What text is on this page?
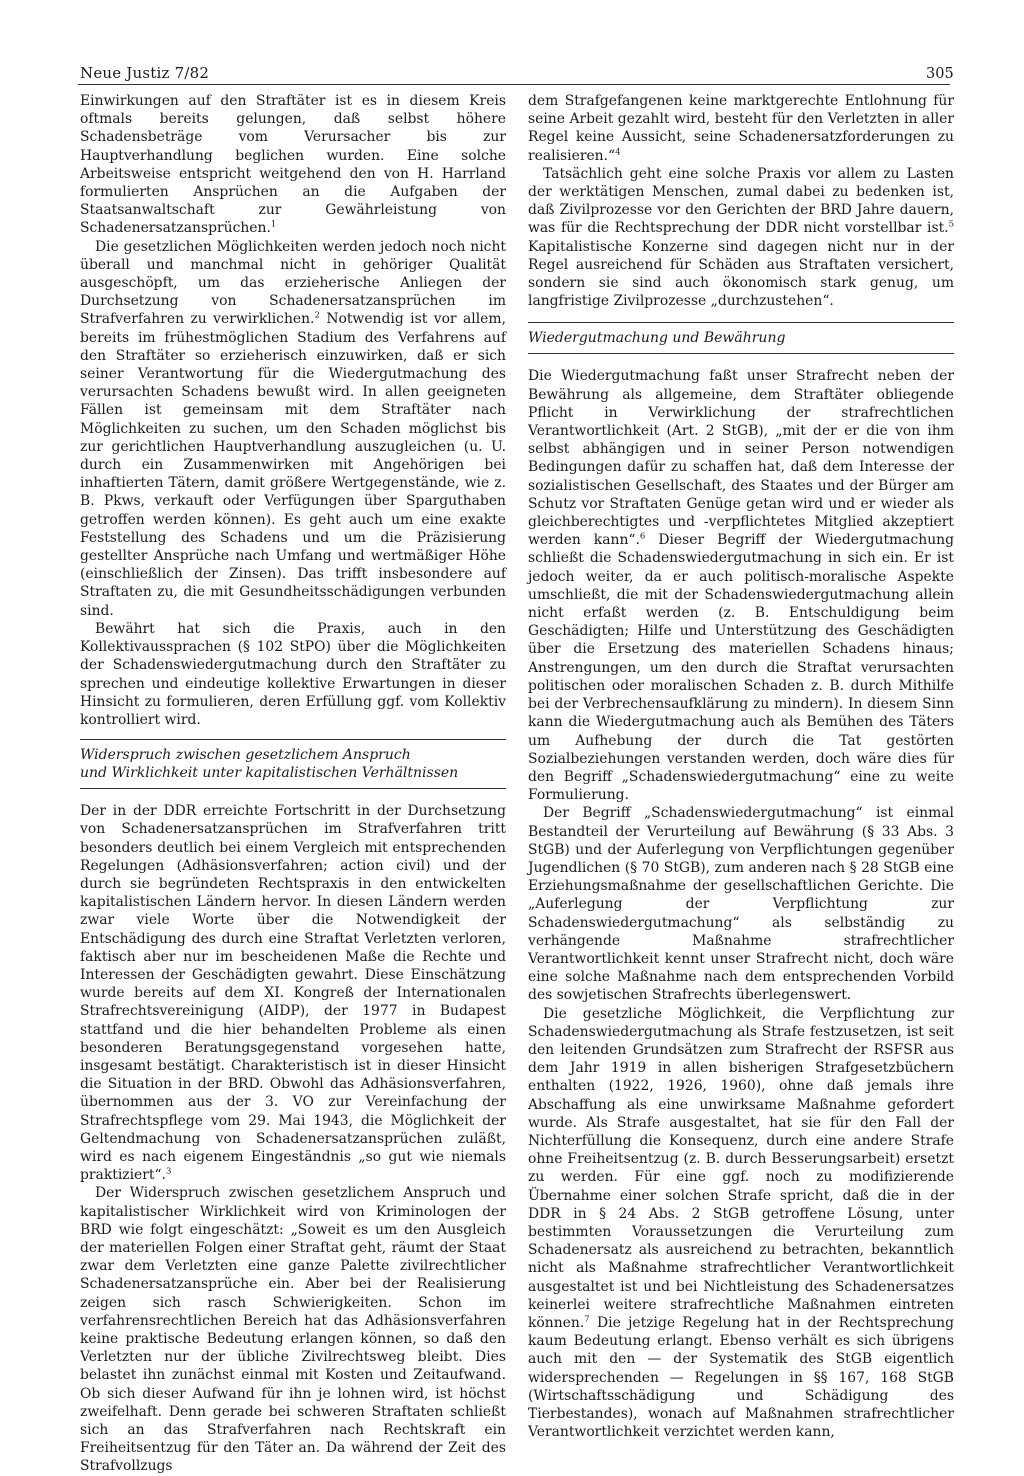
Neue Justiz 7/82	305

Einwirkungen auf den Straftäter ist es in diesem Kreis oftmals bereits gelungen, daß selbst höhere Schadensbeträge vom Verursacher bis zur Hauptverhandlung beglichen wurden. Eine solche Arbeitsweise entspricht weitgehend den von H. Harrland formulierten Ansprüchen an die Aufgaben der Staatsanwaltschaft zur Gewährleistung von Schadenersatzansprüchen.$^1$

Die gesetzlichen Möglichkeiten werden jedoch noch nicht überall und manchmal nicht in gehöriger Qualität ausgeschöpft, um das erzieherische Anliegen der Durchsetzung von Schadenersatzansprüchen im Strafverfahren zu verwirklichen.$^2$ Notwendig ist vor allem, bereits im frühestmöglichen Stadium des Verfahrens auf den Straftäter so erzieherisch einzuwirken, daß er sich seiner Verantwortung für die Wiedergutmachung des verursachten Schadens bewußt wird. In allen geeigneten Fällen ist gemeinsam mit dem Straftäter nach Möglichkeiten zu suchen, um den Schaden möglichst bis zur gerichtlichen Hauptverhandlung auszugleichen (u. U. durch ein Zusammenwirken mit Angehörigen bei inhaftierten Tätern, damit größere Wertgegenstände, wie z. B. Pkws, verkauft oder Verfügungen über Sparguthaben getroffen werden können). Es geht auch um eine exakte Feststellung des Schadens und um die Präzisierung gestellter Ansprüche nach Umfang und wertmäßiger Höhe (einschließlich der Zinsen). Das trifft insbesondere auf Straftaten zu, die mit Gesundheitsschädigungen verbunden sind.

Bewährt hat sich die Praxis, auch in den Kollektivaussprachen (§ 102 StPO) über die Möglichkeiten der Schadenswiedergutmachung durch den Straftäter zu sprechen und eindeutige kollektive Erwartungen in dieser Hinsicht zu formulieren, deren Erfüllung ggf. vom Kollektiv kontrolliert wird.

Widerspruch zwischen gesetzlichem Anspruch
und Wirklichkeit unter kapitalistischen Verhältnissen

Der in der DDR erreichte Fortschritt in der Durchsetzung von Schadenersatzansprüchen im Strafverfahren tritt besonders deutlich bei einem Vergleich mit entsprechenden Regelungen (Adhäsionsverfahren; action civil) und der durch sie begründeten Rechtspraxis in den entwickelten kapitalistischen Ländern hervor. In diesen Ländern werden zwar viele Worte über die Notwendigkeit der Entschädigung des durch eine Straftat Verletzten verloren, faktisch aber nur im bescheidenen Maße die Rechte und Interessen der Geschädigten gewahrt. Diese Einschätzung wurde bereits auf dem XI. Kongreß der Internationalen Strafrechtsvereinigung (AIDP), der 1977 in Budapest stattfand und die hier behandelten Probleme als einen besonderen Beratungsgegenstand vorgesehen hatte, insgesamt bestätigt. Charakteristisch ist in dieser Hinsicht die Situation in der BRD. Obwohl das Adhäsionsverfahren, übernommen aus der 3. VO zur Vereinfachung der Strafrechtspflege vom 29. Mai 1943, die Möglichkeit der Geltendmachung von Schadenersatzansprüchen zuläßt, wird es nach eigenem Eingeständnis „so gut wie niemals praktiziert“.$^3$

Der Widerspruch zwischen gesetzlichem Anspruch und kapitalistischer Wirklichkeit wird von Kriminologen der BRD wie folgt eingeschätzt: „Soweit es um den Ausgleich der materiellen Folgen einer Straftat geht, räumt der Staat zwar dem Verletzten eine ganze Palette zivilrechtlicher Schadenersatzansprüche ein. Aber bei der Realisierung zeigen sich rasch Schwierigkeiten. Schon im verfahrensrechtlichen Bereich hat das Adhäsionsverfahren keine praktische Bedeutung erlangen können, so daß den Verletzten nur der übliche Zivilrechtsweg bleibt. Dies belastet ihn zunächst einmal mit Kosten und Zeitaufwand. Ob sich dieser Aufwand für ihn je lohnen wird, ist höchst zweifelhaft. Denn gerade bei schweren Straftaten schließt sich an das Strafverfahren nach Rechtskraft ein Freiheitsentzug für den Täter an. Da während der Zeit des Strafvollzugs

dem Strafgefangenen keine marktgerechte Entlohnung für seine Arbeit gezahlt wird, besteht für den Verletzten in aller Regel keine Aussicht, seine Schadenersatzforderungen zu realisieren.“$^4$

Tatsächlich geht eine solche Praxis vor allem zu Lasten der werktätigen Menschen, zumal dabei zu bedenken ist, daß Zivilprozesse vor den Gerichten der BRD Jahre dauern, was für die Rechtsprechung der DDR nicht vorstellbar ist.$^5$ Kapitalistische Konzerne sind dagegen nicht nur in der Regel ausreichend für Schäden aus Straftaten versichert, sondern sie sind auch ökonomisch stark genug, um langfristige Zivilprozesse „durchzustehen“.

Wiedergutmachung und Bewährung

Die Wiedergutmachung faßt unser Strafrecht neben der Bewährung als allgemeine, dem Straftäter obliegende Pflicht in Verwirklichung der strafrechtlichen Verantwortlichkeit (Art. 2 StGB), „mit der er die von ihm selbst abhängigen und in seiner Person notwendigen Bedingungen dafür zu schaffen hat, daß dem Interesse der sozialistischen Gesellschaft, des Staates und der Bürger am Schutz vor Straftaten Genüge getan wird und er wieder als gleichberechtigtes und -verpflichtetes Mitglied akzeptiert werden kann“.$^6$ Dieser Begriff der Wiedergutmachung schließt die Schadenswiedergutmachung in sich ein. Er ist jedoch weiter, da er auch politisch-moralische Aspekte umschließt, die mit der Schadenswiedergutmachung allein nicht erfaßt werden (z. B. Entschuldigung beim Geschädigten; Hilfe und Unterstützung des Geschädigten über die Ersetzung des materiellen Schadens hinaus; Anstrengungen, um den durch die Straftat verursachten politischen oder moralischen Schaden z. B. durch Mithilfe bei der Verbrechensaufklärung zu mindern). In diesem Sinn kann die Wiedergutmachung auch als Bemühen des Täters um Aufhebung der durch die Tat gestörten Sozialbeziehungen verstanden werden, doch wäre dies für den Begriff „Schadenswiedergutmachung“ eine zu weite Formulierung.

Der Begriff „Schadenswiedergutmachung“ ist einmal Bestandteil der Verurteilung auf Bewährung (§ 33 Abs. 3 StGB) und der Auferlegung von Verpflichtungen gegenüber Jugendlichen (§ 70 StGB), zum anderen nach § 28 StGB eine Erziehungsmaßnahme der gesellschaftlichen Gerichte. Die „Auferlegung der Verpflichtung zur Schadenswiedergutmachung“ als selbständig zu verhängende Maßnahme strafrechtlicher Verantwortlichkeit kennt unser Strafrecht nicht, doch wäre eine solche Maßnahme nach dem entsprechenden Vorbild des sowjetischen Strafrechts überlegenswert.

Die gesetzliche Möglichkeit, die Verpflichtung zur Schadenswiedergutmachung als Strafe festzusetzen, ist seit den leitenden Grundsätzen zum Strafrecht der RSFSR aus dem Jahr 1919 in allen bisherigen Strafgesetzbüchern enthalten (1922, 1926, 1960), ohne daß jemals ihre Abschaffung als eine unwirksame Maßnahme gefordert wurde. Als Strafe ausgestaltet, hat sie für den Fall der Nichterfüllung die Konsequenz, durch eine andere Strafe ohne Freiheitsentzug (z. B. durch Besserungsarbeit) ersetzt zu werden. Für eine ggf. noch zu modifizierende Übernahme einer solchen Strafe spricht, daß die in der DDR in § 24 Abs. 2 StGB getroffene Lösung, unter bestimmten Voraussetzungen die Verurteilung zum Schadenersatz als ausreichend zu betrachten, bekanntlich nicht als Maßnahme strafrechtlicher Verantwortlichkeit ausgestaltet ist und bei Nichtleistung des Schadenersatzes keinerlei weitere strafrechtliche Maßnahmen eintreten können.$^7$ Die jetzige Regelung hat in der Rechtsprechung kaum Bedeutung erlangt. Ebenso verhält es sich übrigens auch mit den — der Systematik des StGB eigentlich widersprechenden — Regelungen in §§ 167, 168 StGB (Wirtschaftsschädigung und Schädigung des Tierbestandes), wonach auf Maßnahmen strafrechtlicher Verantwortlichkeit verzichtet werden kann,
